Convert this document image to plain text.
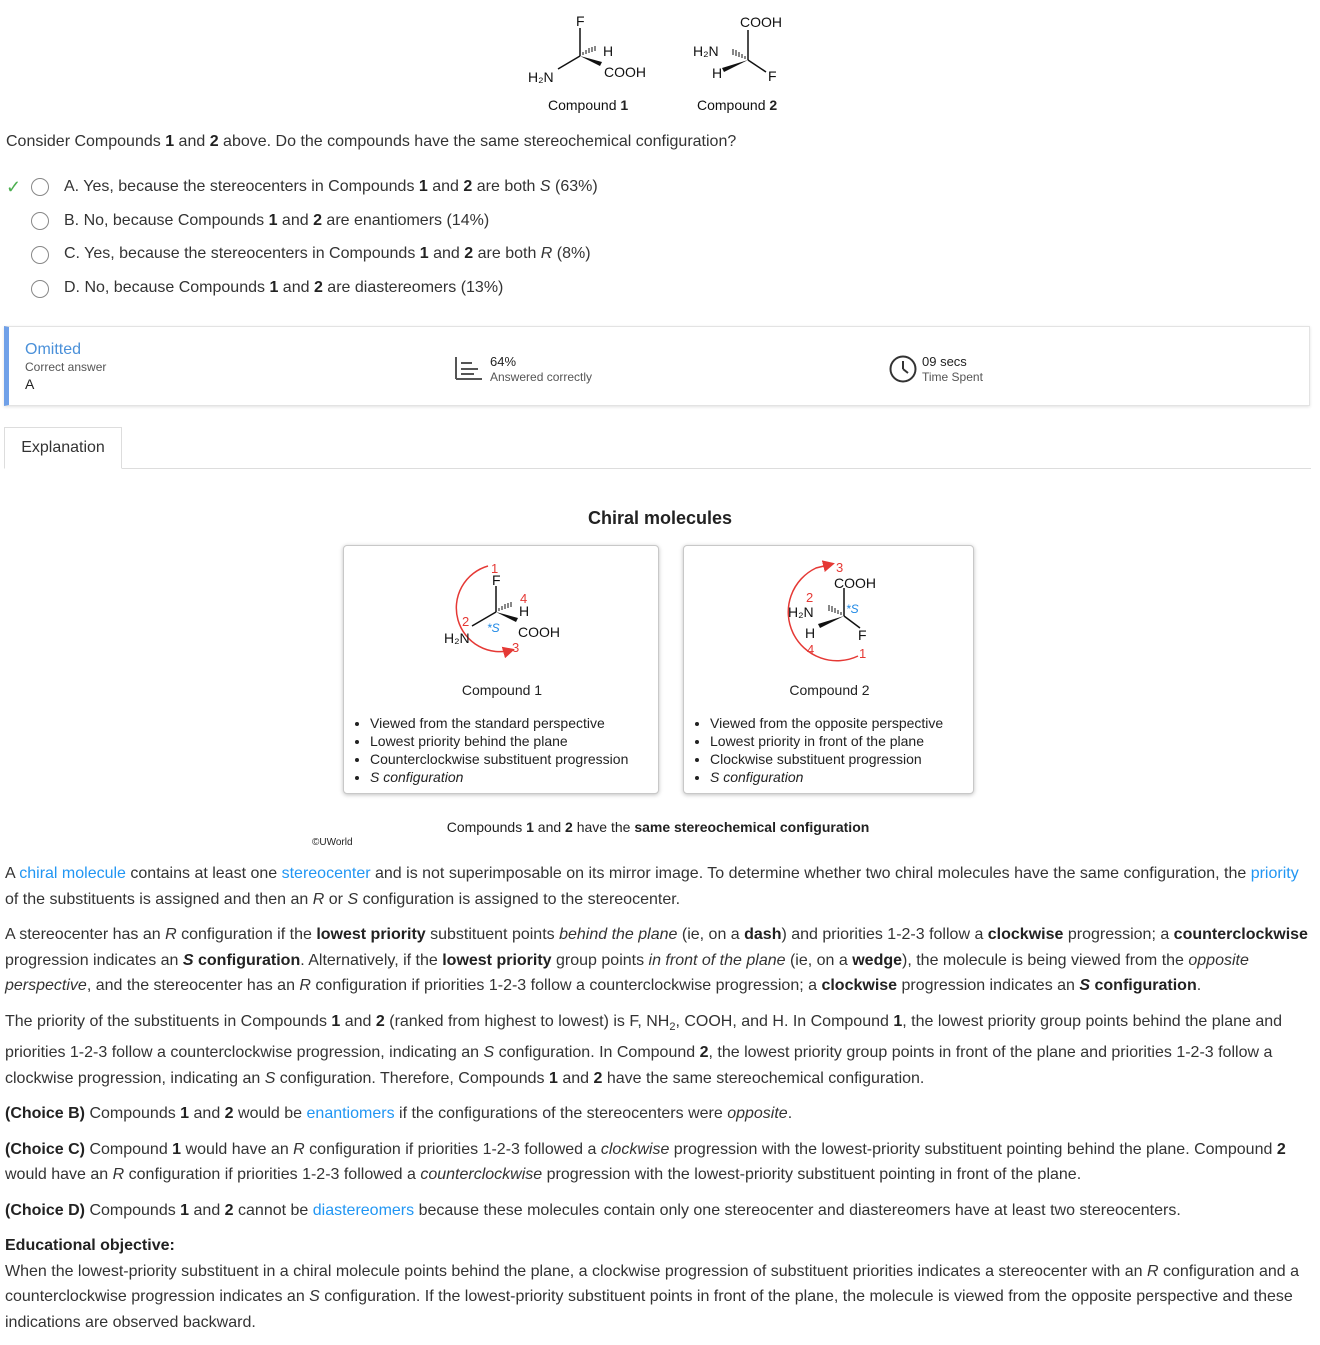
F
H
H₂N	COOH
COOH
H₂N
H	F
Compound 1	Compound 2
Consider Compounds 1 and 2 above. Do the compounds have the same stereochemical configuration?
✓	A. Yes, because the stereocenters in Compounds 1 and 2 are both S (63%)
B. No, because Compounds 1 and 2 are enantiomers (14%)
C. Yes, because the stereocenters in Compounds 1 and 2 are both R (8%)
D. No, because Compounds 1 and 2 are diastereomers (13%)
Omitted
Correct answer
A
64%
Answered correctly
09 secs
Time Spent
Explanation
Chiral molecules
1
F
4
H
2 *S
H₂N	COOH
3
Compound 1
• Viewed from the standard perspective
• Lowest priority behind the plane
• Counterclockwise substituent progression
• S configuration
3
COOH
2
*S
H₂N
H	F
4	1
Compound 2
• Viewed from the opposite perspective
• Lowest priority in front of the plane
• Clockwise substituent progression
• S configuration
Compounds 1 and 2 have the same stereochemical configuration
©UWorld

A chiral molecule contains at least one stereocenter and is not superimposable on its mirror image. To determine whether two chiral molecules have the same configuration, the priority of the substituents is assigned and then an R or S configuration is assigned to the stereocenter.

A stereocenter has an R configuration if the lowest priority substituent points behind the plane (ie, on a dash) and priorities 1-2-3 follow a clockwise progression; a counterclockwise progression indicates an S configuration. Alternatively, if the lowest priority group points in front of the plane (ie, on a wedge), the molecule is being viewed from the opposite perspective, and the stereocenter has an R configuration if priorities 1-2-3 follow a counterclockwise progression; a clockwise progression indicates an S configuration.

The priority of the substituents in Compounds 1 and 2 (ranked from highest to lowest) is F, $NH_2$, COOH, and H. In Compound 1, the lowest priority group points behind the plane and priorities 1-2-3 follow a counterclockwise progression, indicating an S configuration. In Compound 2, the lowest priority group points in front of the plane and priorities 1-2-3 follow a clockwise progression, indicating an S configuration. Therefore, Compounds 1 and 2 have the same stereochemical configuration.

(Choice B) Compounds 1 and 2 would be enantiomers if the configurations of the stereocenters were opposite.

(Choice C) Compound 1 would have an R configuration if priorities 1-2-3 followed a clockwise progression with the lowest-priority substituent pointing behind the plane. Compound 2 would have an R configuration if priorities 1-2-3 followed a counterclockwise progression with the lowest-priority substituent pointing in front of the plane.

(Choice D) Compounds 1 and 2 cannot be diastereomers because these molecules contain only one stereocenter and diastereomers have at least two stereocenters.

Educational objective:

When the lowest-priority substituent in a chiral molecule points behind the plane, a clockwise progression of substituent priorities indicates a stereocenter with an R configuration and a counterclockwise progression indicates an S configuration. If the lowest-priority substituent points in front of the plane, the molecule is viewed from the opposite perspective and these indications are observed backward.
